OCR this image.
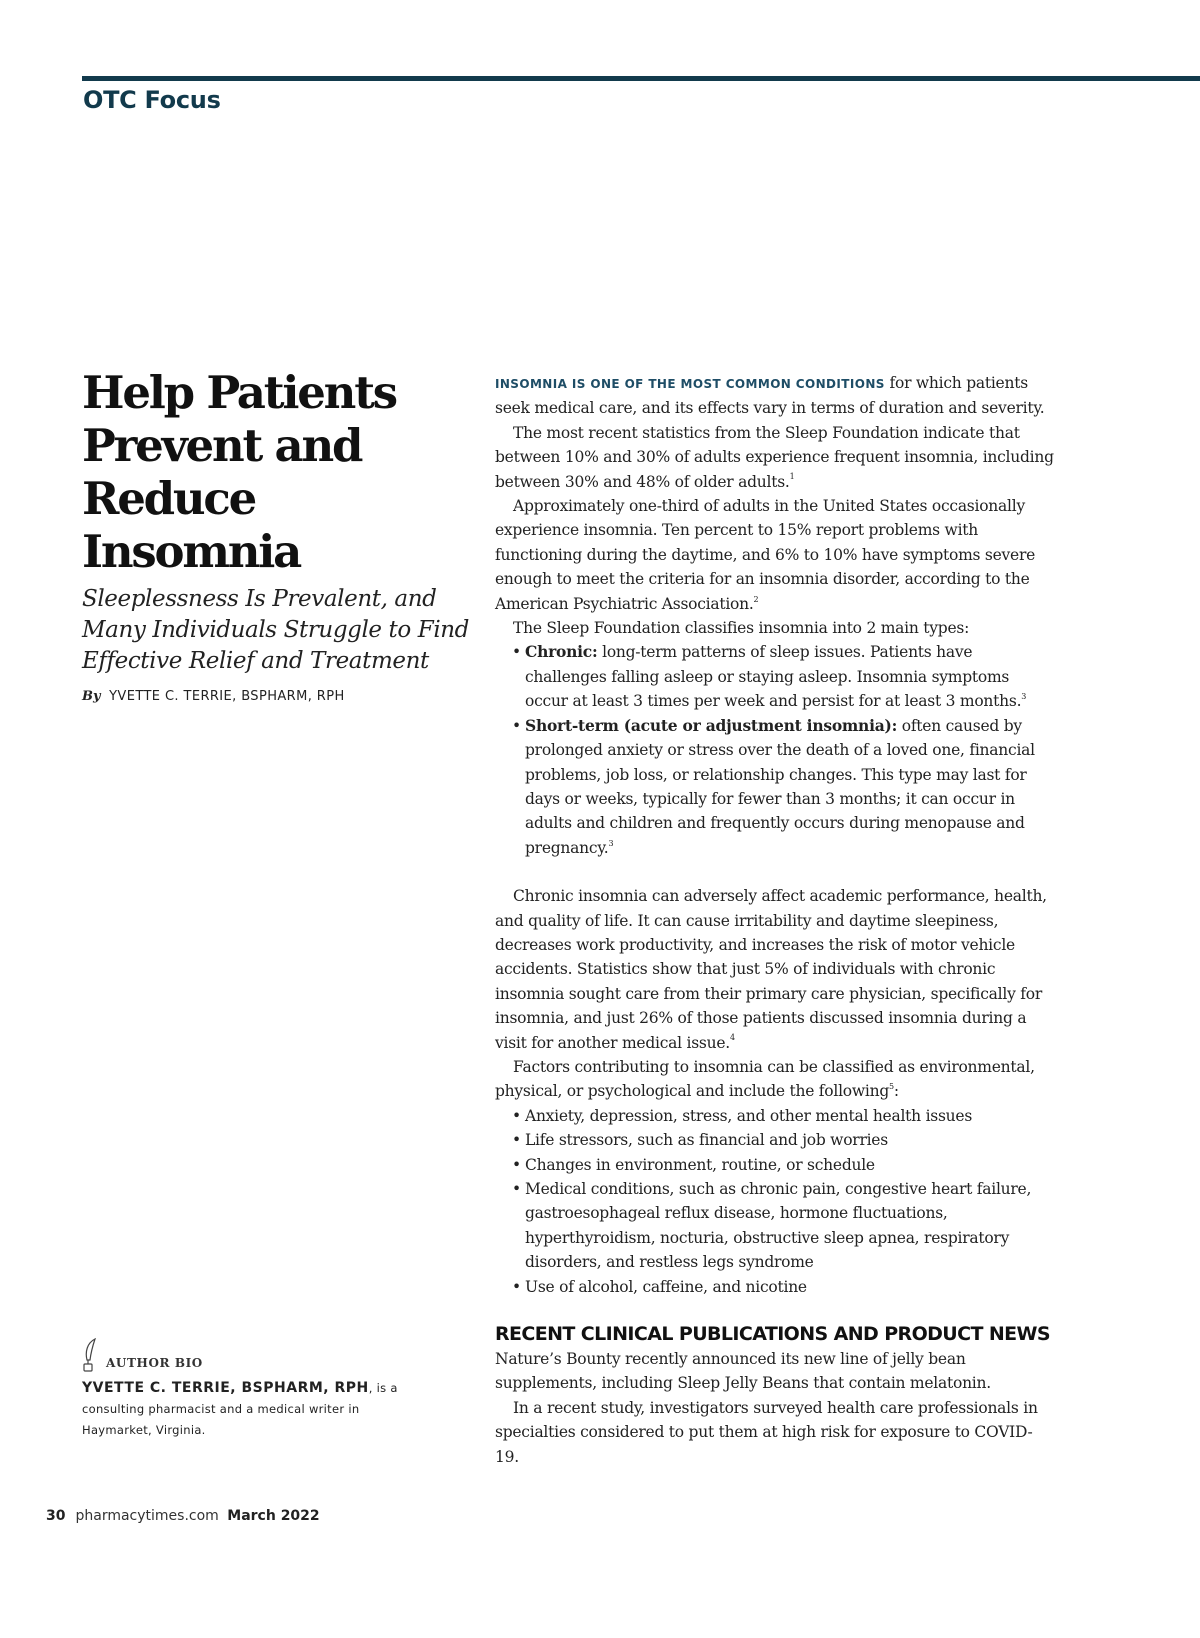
OTC Focus
Help Patients
Prevent and
Reduce Insomnia

Sleeplessness Is Prevalent, and Many Individuals Struggle to Find Effective Relief and Treatment

By YVETTE C. TERRIE, BSPHARM, RPH
AUTHOR BIO
YVETTE C. TERRIE, BSPHARM, RPH, is a consulting pharmacist and a medical writer in Haymarket, Virginia.

INSOMNIA IS ONE OF THE MOST COMMON CONDITIONS for which patients seek medical care, and its effects vary in terms of duration and severity.

The most recent statistics from the Sleep Foundation indicate that between 10% and 30% of adults experience frequent insomnia, including between 30% and 48% of older adults.$^1$

Approximately one-third of adults in the United States occasionally experience insomnia. Ten percent to 15% report problems with functioning during the daytime, and 6% to 10% have symptoms severe enough to meet the criteria for an insomnia disorder, according to the American Psychiatric Association.$^2$

The Sleep Foundation classifies insomnia into 2 main types:

• Chronic: long-term patterns of sleep issues. Patients have challenges falling asleep or staying asleep. Insomnia symptoms occur at least 3 times per week and persist for at least 3 months.$^3$
• Short-term (acute or adjustment insomnia): often caused by prolonged anxiety or stress over the death of a loved one, financial problems, job loss, or relationship changes. This type may last for days or weeks, typically for fewer than 3 months; it can occur in adults and children and frequently occurs during menopause and pregnancy.$^3$

Chronic insomnia can adversely affect academic performance, health, and quality of life. It can cause irritability and daytime sleepiness, decreases work productivity, and increases the risk of motor vehicle accidents. Statistics show that just 5% of individuals with chronic insomnia sought care from their primary care physician, specifically for insomnia, and just 26% of those patients discussed insomnia during a visit for another medical issue.$^4$

Factors contributing to insomnia can be classified as environmental, physical, or psychological and include the following$^5$:

• Anxiety, depression, stress, and other mental health issues
• Life stressors, such as financial and job worries
• Changes in environment, routine, or schedule
• Medical conditions, such as chronic pain, congestive heart failure, gastroesophageal reflux disease, hormone fluctuations, hyperthyroidism, nocturia, obstructive sleep apnea, respiratory disorders, and restless legs syndrome
• Use of alcohol, caffeine, and nicotine
RECENT CLINICAL PUBLICATIONS AND PRODUCT NEWS

Nature’s Bounty recently announced its new line of jelly bean supplements, including Sleep Jelly Beans that contain melatonin.

In a recent study, investigators surveyed health care professionals in specialties considered to put them at high risk for exposure to COVID-19.

30 pharmacytimes.com March 2022
